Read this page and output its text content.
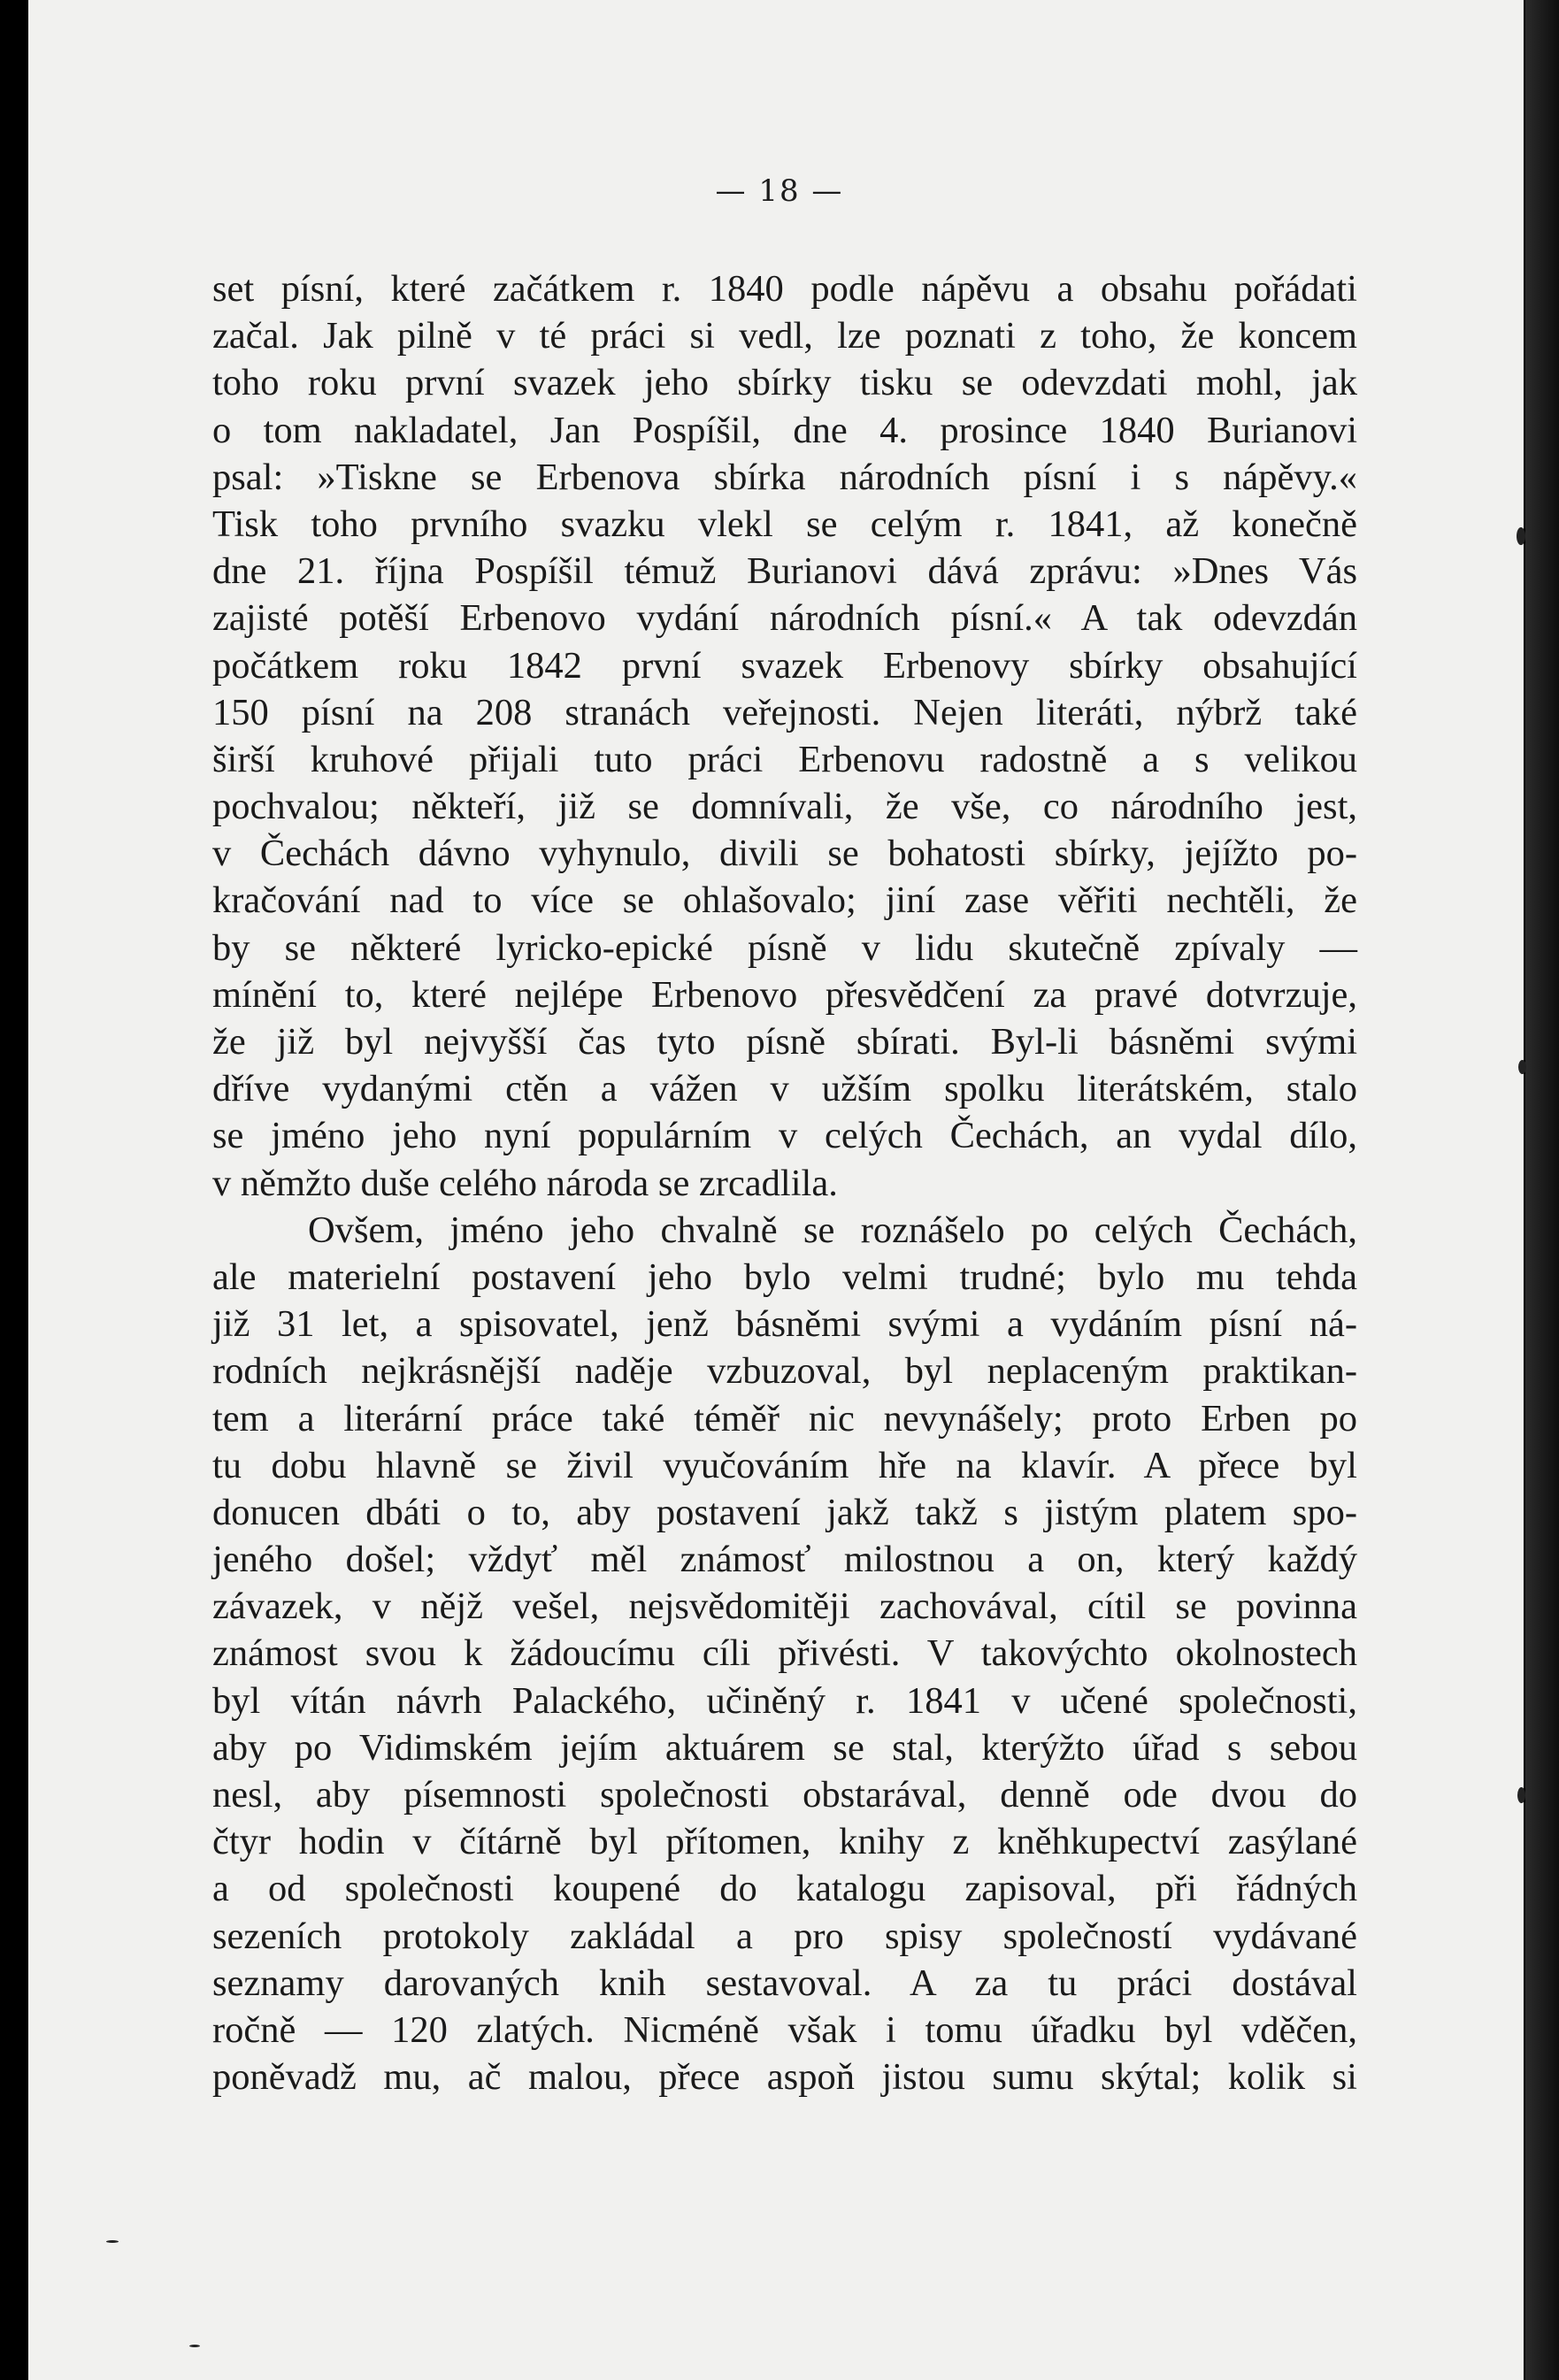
— 18 —
set písní, které začátkem r. 1840 podle nápěvu a obsahu pořádati
začal. Jak pilně v té práci si vedl, lze poznati z toho, že koncem
toho roku první svazek jeho sbírky tisku se odevzdati mohl, jak
o tom nakladatel, Jan Pospíšil, dne 4. prosince 1840 Burianovi
psal: »Tiskne se Erbenova sbírka národních písní i s nápěvy.«
Tisk toho prvního svazku vlekl se celým r. 1841, až konečně
dne 21. října Pospíšil témuž Burianovi dává zprávu: »Dnes Vás
zajisté potěší Erbenovo vydání národních písní.« A tak odevzdán
počátkem roku 1842 první svazek Erbenovy sbírky obsahující
150 písní na 208 stranách veřejnosti. Nejen literáti, nýbrž také
širší kruhové přijali tuto práci Erbenovu radostně a s velikou
pochvalou; někteří, již se domnívali, že vše, co národního jest,
v Čechách dávno vyhynulo, divili se bohatosti sbírky, jejížto po-
kračování nad to více se ohlašovalo; jiní zase věřiti nechtěli, že
by se některé lyricko-epické písně v lidu skutečně zpívaly —
mínění to, které nejlépe Erbenovo přesvědčení za pravé dotvrzuje,
že již byl nejvyšší čas tyto písně sbírati. Byl-li básněmi svými
dříve vydanými ctěn a vážen v užším spolku literátském, stalo
se jméno jeho nyní populárním v celých Čechách, an vydal dílo,
v němžto duše celého národa se zrcadlila.
Ovšem, jméno jeho chvalně se roznášelo po celých Čechách,
ale materielní postavení jeho bylo velmi trudné; bylo mu tehda
již 31 let, a spisovatel, jenž básněmi svými a vydáním písní ná-
rodních nejkrásnější naděje vzbuzoval, byl neplaceným praktikan-
tem a literární práce také téměř nic nevynášely; proto Erben po
tu dobu hlavně se živil vyučováním hře na klavír. A přece byl
donucen dbáti o to, aby postavení jakž takž s jistým platem spo-
jeného došel; vždyť měl známosť milostnou a on, který každý
závazek, v nějž vešel, nejsvědomitěji zachovával, cítil se povinna
známost svou k žádoucímu cíli přivésti. V takovýchto okolnostech
byl vítán návrh Palackého, učiněný r. 1841 v učené společnosti,
aby po Vidimském jejím aktuárem se stal, kterýžto úřad s sebou
nesl, aby písemnosti společnosti obstarával, denně ode dvou do
čtyr hodin v čítárně byl přítomen, knihy z kněhkupectví zasýlané
a od společnosti koupené do katalogu zapisoval, při řádných
sezeních protokoly zakládal a pro spisy společností vydávané
seznamy darovaných knih sestavoval. A za tu práci dostával
ročně — 120 zlatých. Nicméně však i tomu úřadku byl vděčen,
poněvadž mu, ač malou, přece aspoň jistou sumu skýtal; kolik si
